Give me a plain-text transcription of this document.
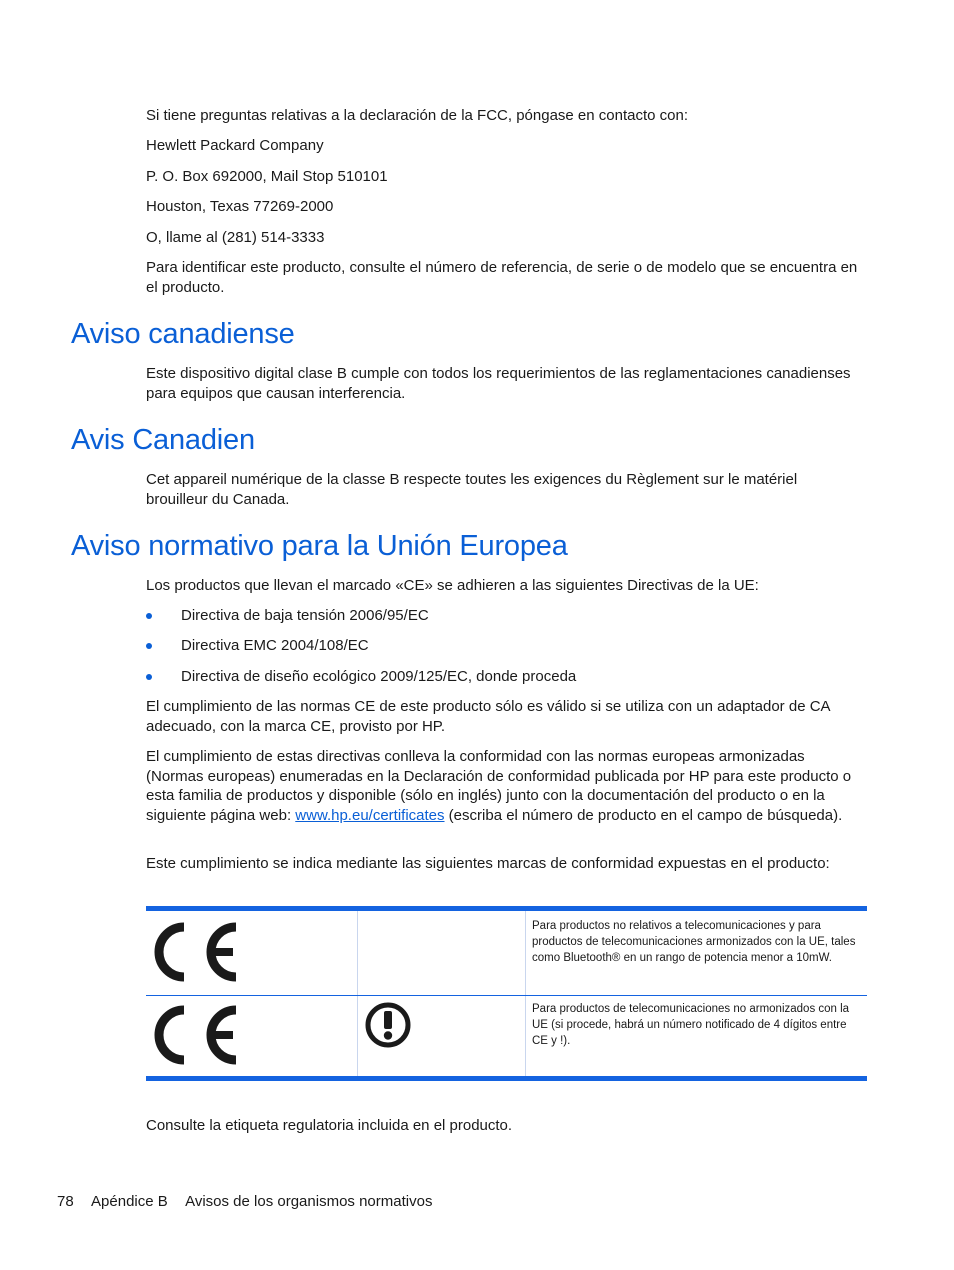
Si tiene preguntas relativas a la declaración de la FCC, póngase en contacto con:

Hewlett Packard Company

P. O. Box 692000, Mail Stop 510101

Houston, Texas 77269-2000

O, llame al (281) 514-3333

Para identificar este producto, consulte el número de referencia, de serie o de modelo que se encuentra en el producto.

Aviso canadiense

Este dispositivo digital clase B cumple con todos los requerimientos de las reglamentaciones canadienses para equipos que causan interferencia.

Avis Canadien

Cet appareil numérique de la classe B respecte toutes les exigences du Règlement sur le matériel brouilleur du Canada.

Aviso normativo para la Unión Europea

Los productos que llevan el marcado «CE» se adhieren a las siguientes Directivas de la UE:

Directiva de baja tensión 2006/95/EC
Directiva EMC 2004/108/EC
Directiva de diseño ecológico 2009/125/EC, donde proceda

El cumplimiento de las normas CE de este producto sólo es válido si se utiliza con un adaptador de CA adecuado, con la marca CE, provisto por HP.

El cumplimiento de estas directivas conlleva la conformidad con las normas europeas armonizadas (Normas europeas) enumeradas en la Declaración de conformidad publicada por HP para este producto o esta familia de productos y disponible (sólo en inglés) junto con la documentación del producto o en la siguiente página web: www.hp.eu/certificates (escriba el número de producto en el campo de búsqueda).

Este cumplimiento se indica mediante las siguientes marcas de conformidad expuestas en el producto:

Para productos no relativos a telecomunicaciones y para productos de telecomunicaciones armonizados con la UE, tales como Bluetooth® en un rango de potencia menor a 10mW.
Para productos de telecomunicaciones no armonizados con la UE (si procede, habrá un número notificado de 4 dígitos entre CE y !).

Consulte la etiqueta regulatoria incluida en el producto.

78 Apéndice B Avisos de los organismos normativos
